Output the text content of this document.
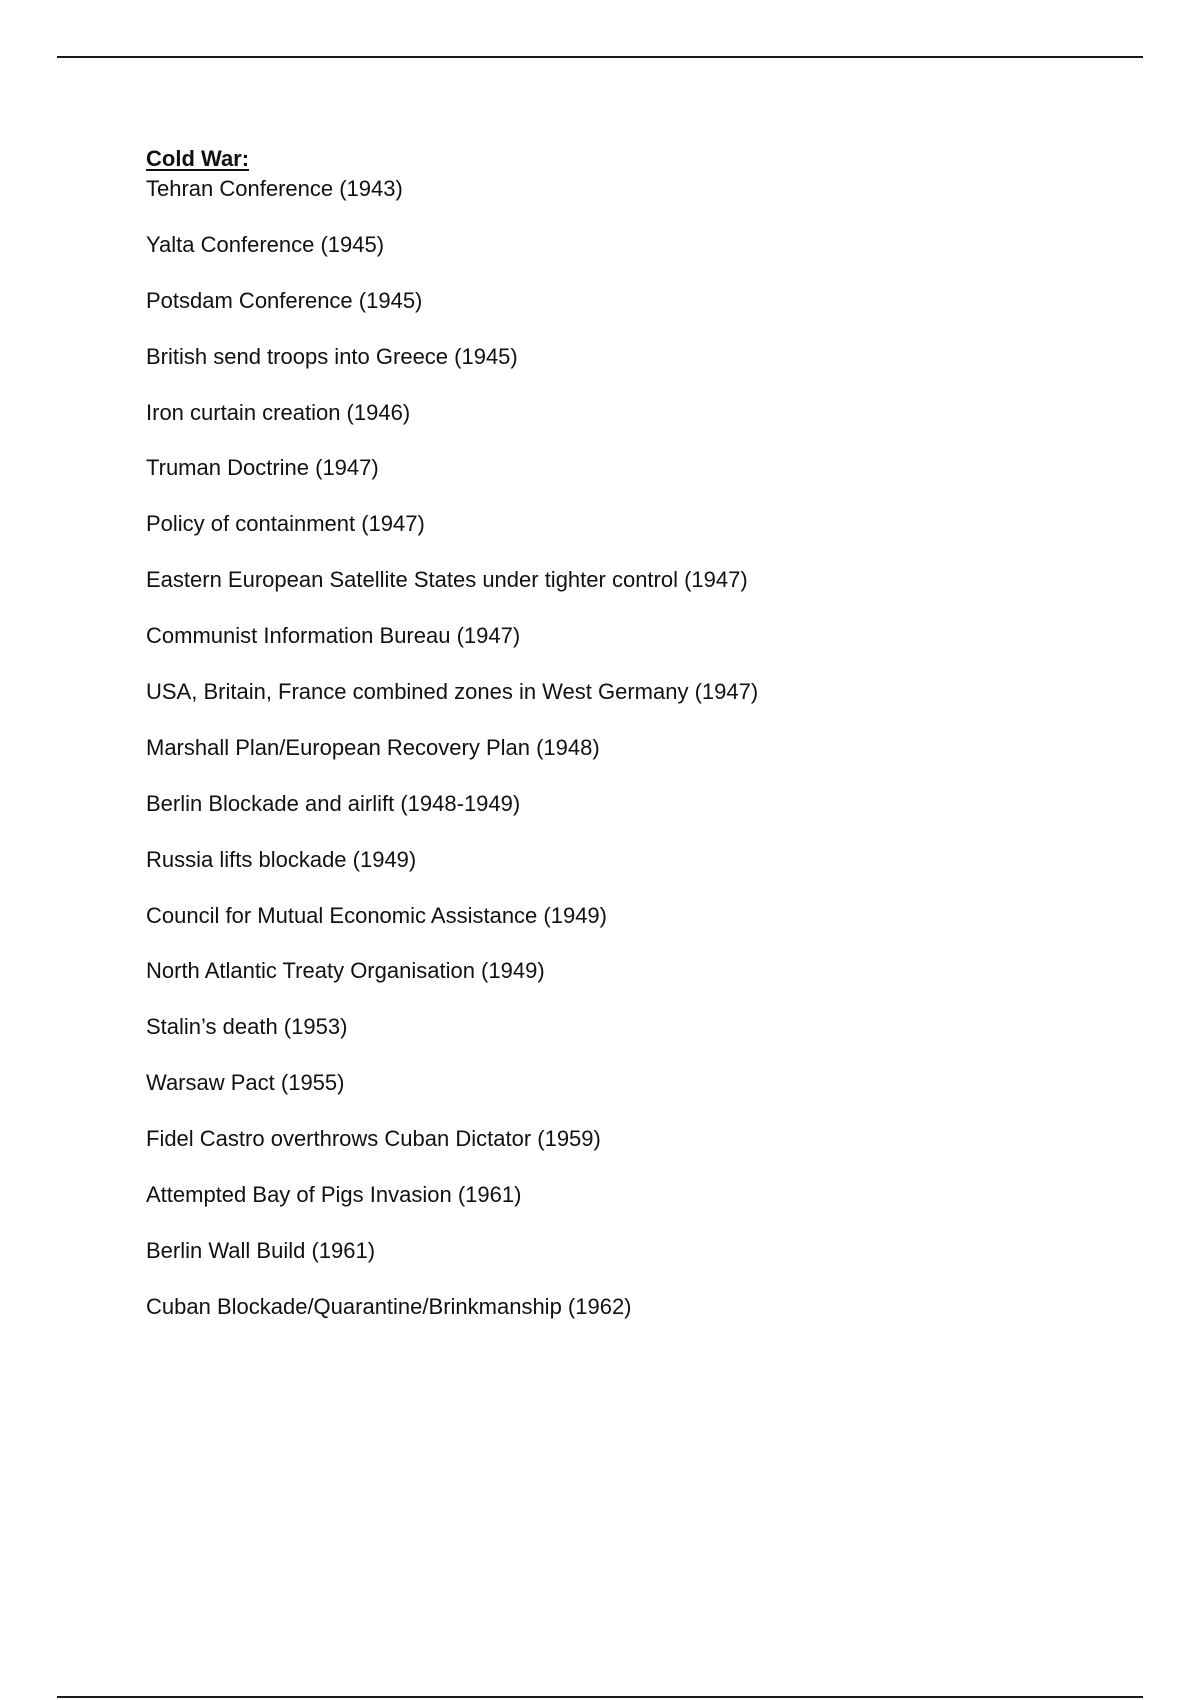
Cold War:
Tehran Conference (1943)
Yalta Conference (1945)
Potsdam Conference (1945)
British send troops into Greece (1945)
Iron curtain creation (1946)
Truman Doctrine (1947)
Policy of containment (1947)
Eastern European Satellite States under tighter control (1947)
Communist Information Bureau (1947)
USA, Britain, France combined zones in West Germany (1947)
Marshall Plan/European Recovery Plan (1948)
Berlin Blockade and airlift (1948-1949)
Russia lifts blockade (1949)
Council for Mutual Economic Assistance (1949)
North Atlantic Treaty Organisation (1949)
Stalin’s death (1953)
Warsaw Pact (1955)
Fidel Castro overthrows Cuban Dictator (1959)
Attempted Bay of Pigs Invasion (1961)
Berlin Wall Build (1961)
Cuban Blockade/Quarantine/Brinkmanship (1962)
